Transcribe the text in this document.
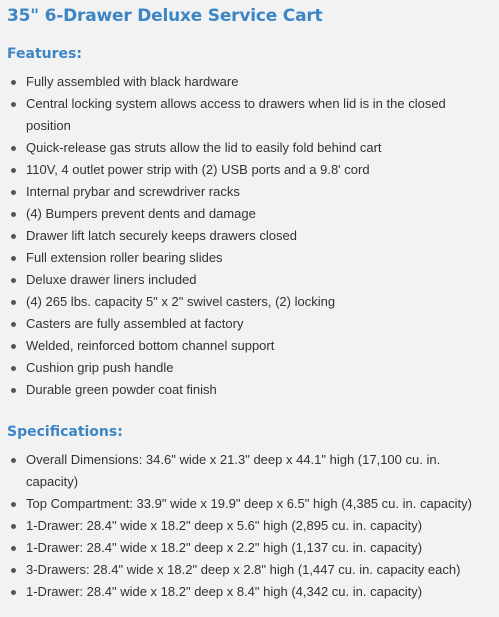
35" 6-Drawer Deluxe Service Cart
Features:
Fully assembled with black hardware
Central locking system allows access to drawers when lid is in the closed position
Quick-release gas struts allow the lid to easily fold behind cart
110V, 4 outlet power strip with (2) USB ports and a 9.8' cord
Internal prybar and screwdriver racks
(4) Bumpers prevent dents and damage
Drawer lift latch securely keeps drawers closed
Full extension roller bearing slides
Deluxe drawer liners included
(4) 265 lbs. capacity 5" x 2" swivel casters, (2) locking
Casters are fully assembled at factory
Welded, reinforced bottom channel support
Cushion grip push handle
Durable green powder coat finish
Specifications:
Overall Dimensions: 34.6" wide x 21.3" deep x 44.1" high (17,100 cu. in. capacity)
Top Compartment: 33.9" wide x 19.9" deep x 6.5" high (4,385 cu. in. capacity)
1-Drawer: 28.4" wide x 18.2" deep x 5.6" high (2,895 cu. in. capacity)
1-Drawer: 28.4" wide x 18.2" deep x 2.2" high (1,137 cu. in. capacity)
3-Drawers: 28.4" wide x 18.2" deep x 2.8" high (1,447 cu. in. capacity each)
1-Drawer: 28.4" wide x 18.2" deep x 8.4" high (4,342 cu. in. capacity)
